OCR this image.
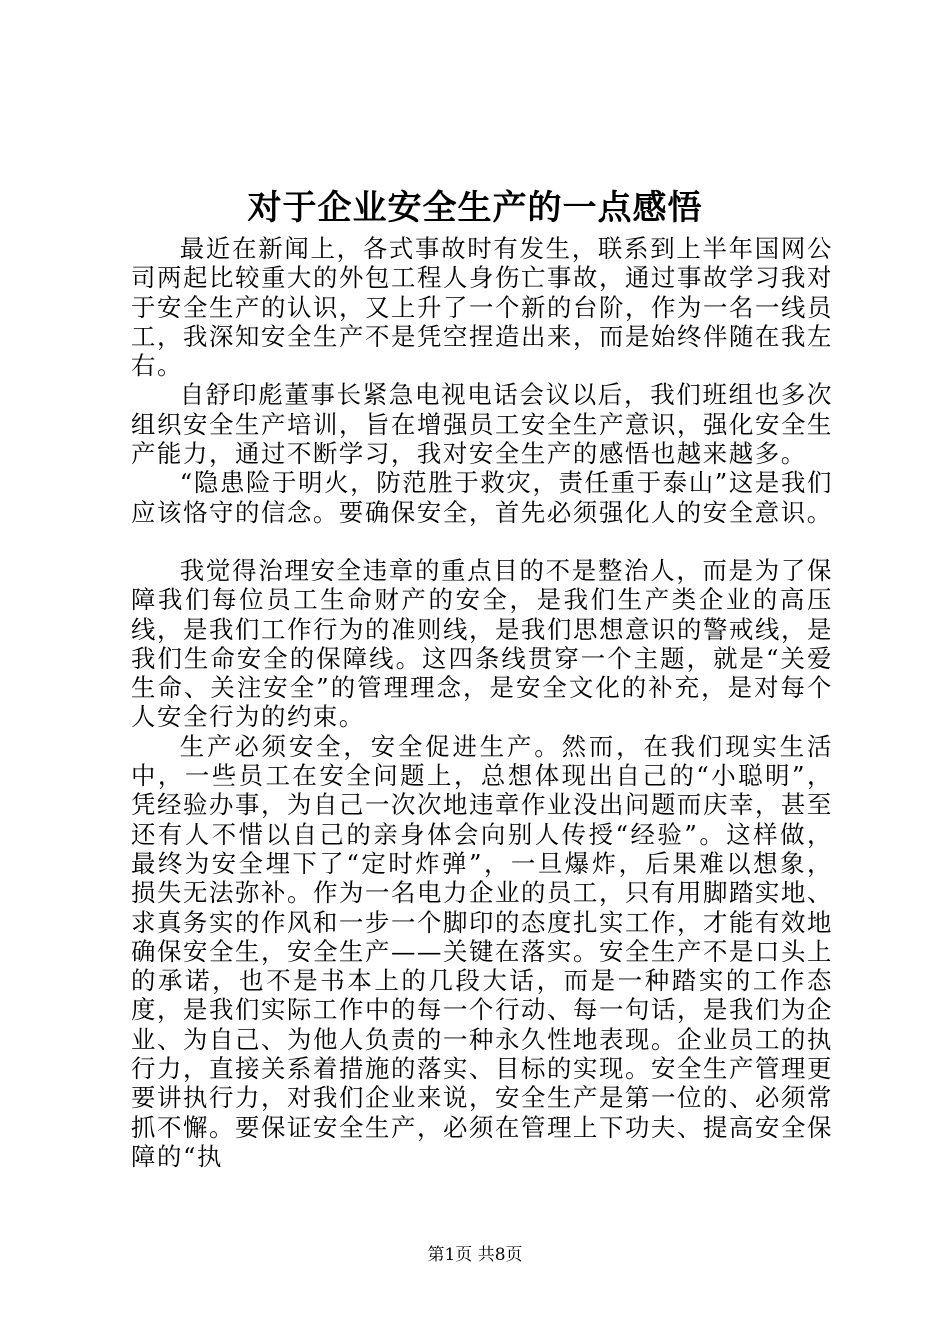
对于企业安全生产的一点感悟

最近在新闻上，各式事故时有发生，联系到上半年国网公司两起比较重大的外包工程人身伤亡事故，通过事故学习我对于安全生产的认识，又上升了一个新的台阶，作为一名一线员工，我深知安全生产不是凭空捏造出来，而是始终伴随在我左右。

自舒印彪董事长紧急电视电话会议以后，我们班组也多次组织安全生产培训，旨在增强员工安全生产意识，强化安全生产能力，通过不断学习，我对安全生产的感悟也越来越多。

“隐患险于明火，防范胜于救灾，责任重于泰山”这是我们应该恪守的信念。要确保安全，首先必须强化人的安全意识。

我觉得治理安全违章的重点目的不是整治人，而是为了保障我们每位员工生命财产的安全，是我们生产类企业的高压线，是我们工作行为的准则线，是我们思想意识的警戒线，是我们生命安全的保障线。这四条线贯穿一个主题，就是“关爱生命、关注安全”的管理理念，是安全文化的补充，是对每个人安全行为的约束。

生产必须安全，安全促进生产。然而，在我们现实生活中，一些员工在安全问题上，总想体现出自己的“小聪明”，凭经验办事，为自己一次次地违章作业没出问题而庆幸，甚至还有人不惜以自己的亲身体会向别人传授“经验”。这样做，最终为安全埋下了“定时炸弹”，一旦爆炸，后果难以想象，损失无法弥补。作为一名电力企业的员工，只有用脚踏实地、求真务实的作风和一步一个脚印的态度扎实工作，才能有效地确保安全生，安全生产——关键在落实。安全生产不是口头上的承诺，也不是书本上的几段大话，而是一种踏实的工作态度，是我们实际工作中的每一个行动、每一句话，是我们为企业、为自己、为他人负责的一种永久性地表现。企业员工的执行力，直接关系着措施的落实、目标的实现。安全生产管理更要讲执行力，对我们企业来说，安全生产是第一位的、必须常抓不懈。要保证安全生产，必须在管理上下功夫、提高安全保障的“执

第1页 共8页
